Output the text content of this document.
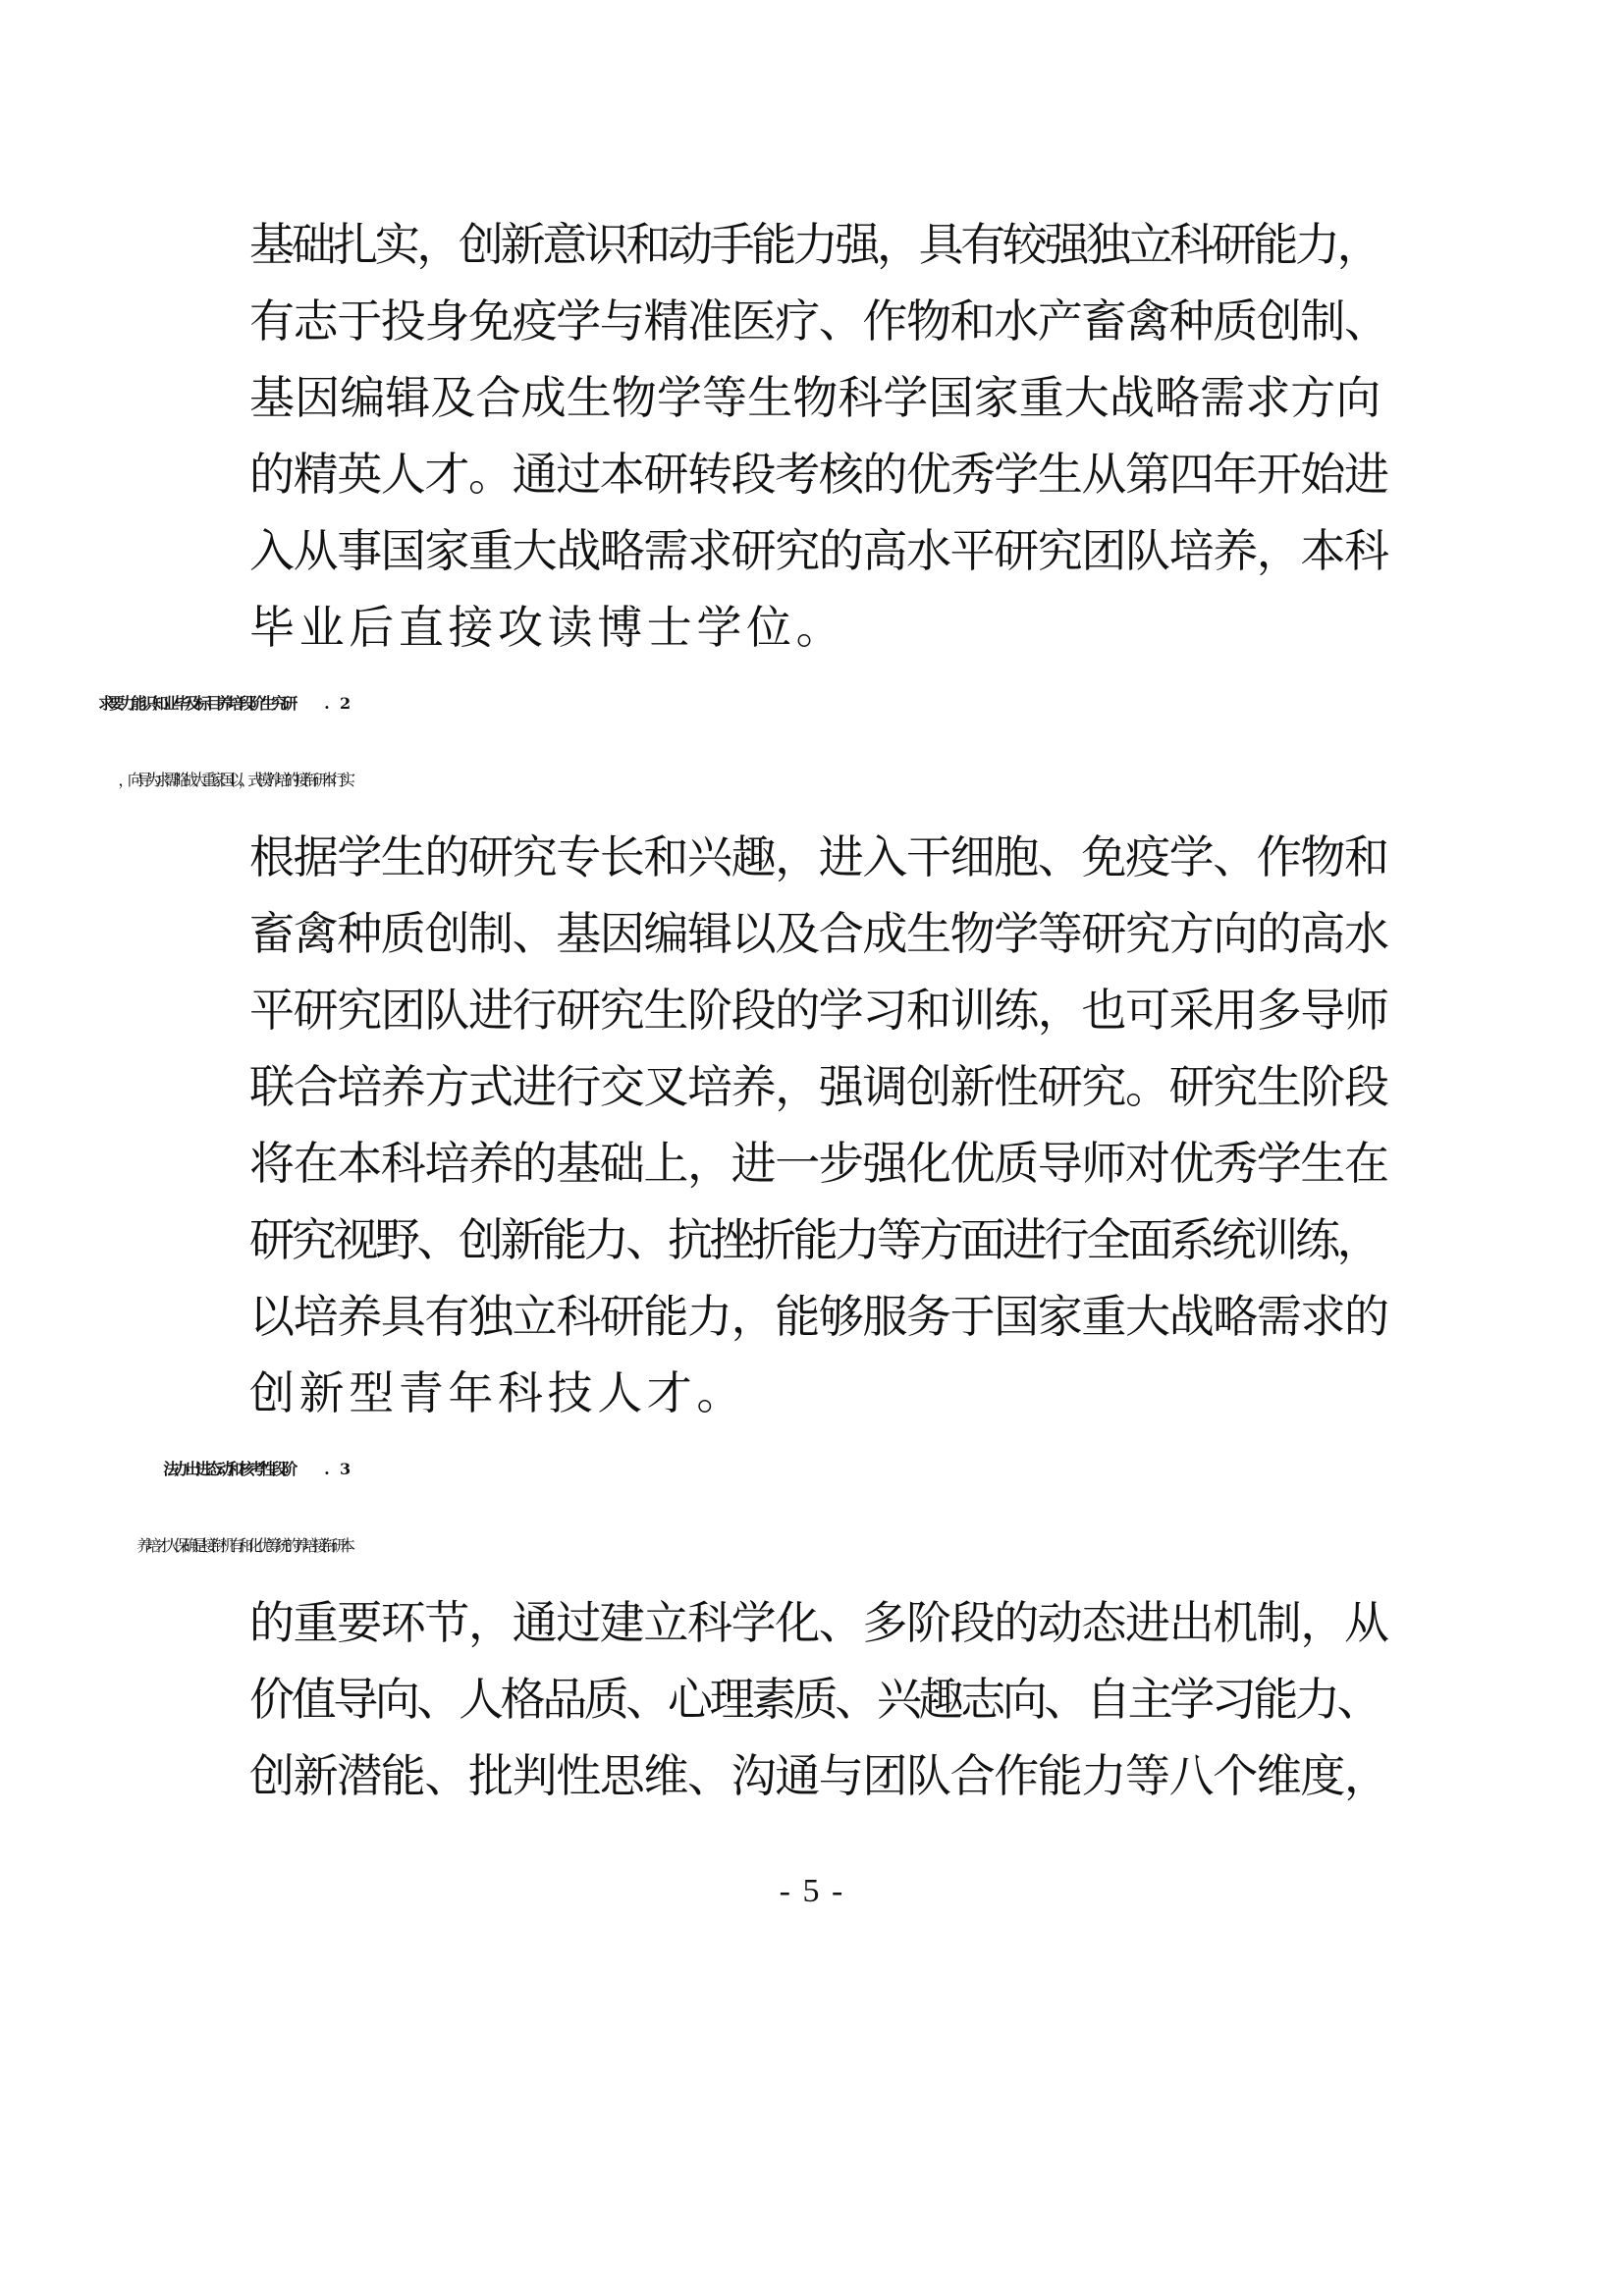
基础扎实，创新意识和动手能力强，具有较强独立科研能力，
有志于投身免疫学与精准医疗、作物和水产畜禽种质创制、
基因编辑及合成生物学等生物科学国家重大战略需求方向
的精英人才。通过本研转段考核的优秀学生从第四年开始进
入从事国家重大战略需求研究的高水平研究团队培养，本科
毕业后直接攻读博士学位。
根据学生的研究专长和兴趣，进入干细胞、免疫学、作物和
畜禽种质创制、基因编辑以及合成生物学等研究方向的高水
平研究团队进行研究生阶段的学习和训练，也可采用多导师
联合培养方式进行交叉培养，强调创新性研究。研究生阶段
将在本科培养的基础上，进一步强化优质导师对优秀学生在
研究视野、创新能力、抗挫折能力等方面进行全面系统训练，
以培养具有独立科研能力，能够服务于国家重大战略需求的
创新型青年科技人才。
的重要环节，通过建立科学化、多阶段的动态进出机制，从
价值导向、人格品质、心理素质、兴趣志向、自主学习能力、
创新潜能、批判性思维、沟通与团队合作能力等八个维度，
- 5 -
